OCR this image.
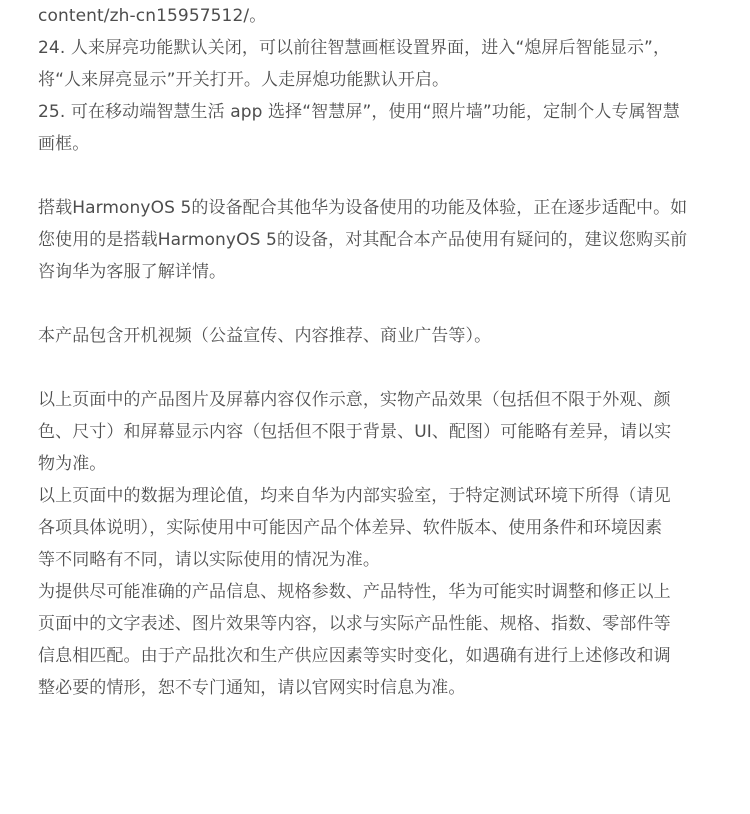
content/zh-cn15957512/。
24. 人来屏亮功能默认关闭，可以前往智慧画框设置界面，进入“熄屏后智能显示”，
将“人来屏亮显示”开关打开。人走屏熄功能默认开启。
25. 可在移动端智慧生活 app 选择“智慧屏”，使用“照片墙”功能，定制个人专属智慧
画框。
搭载HarmonyOS 5的设备配合其他华为设备使用的功能及体验，正在逐步适配中。如
您使用的是搭载HarmonyOS 5的设备，对其配合本产品使用有疑问的，建议您购买前
咨询华为客服了解详情。
本产品包含开机视频（公益宣传、内容推荐、商业广告等）。
以上页面中的产品图片及屏幕内容仅作示意，实物产品效果（包括但不限于外观、颜
色、尺寸）和屏幕显示内容（包括但不限于背景、UI、配图）可能略有差异，请以实
物为准。
以上页面中的数据为理论值，均来自华为内部实验室，于特定测试环境下所得（请见
各项具体说明），实际使用中可能因产品个体差异、软件版本、使用条件和环境因素
等不同略有不同，请以实际使用的情况为准。
为提供尽可能准确的产品信息、规格参数、产品特性，华为可能实时调整和修正以上
页面中的文字表述、图片效果等内容，以求与实际产品性能、规格、指数、零部件等
信息相匹配。由于产品批次和生产供应因素等实时变化，如遇确有进行上述修改和调
整必要的情形，恕不专门通知，请以官网实时信息为准。
